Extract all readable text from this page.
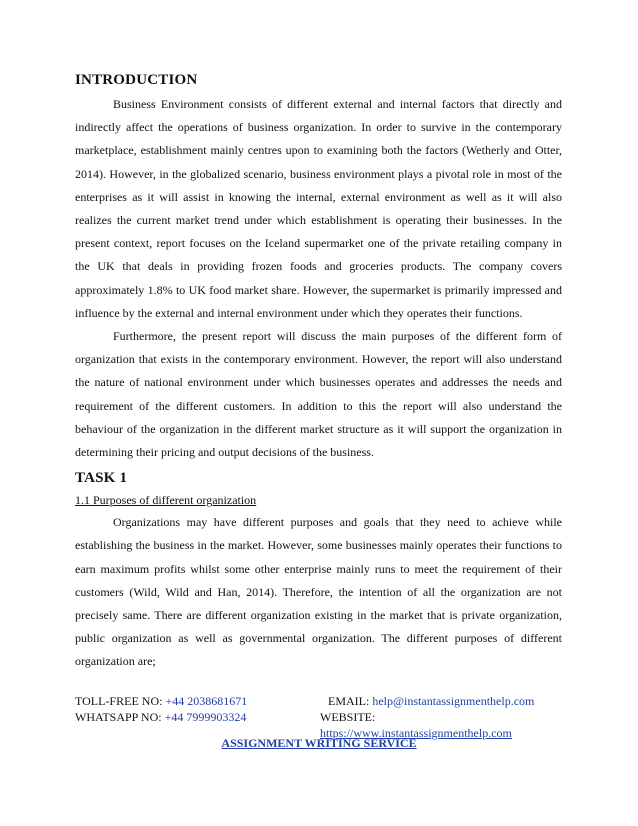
INTRODUCTION

Business Environment consists of different external and internal factors that directly and indirectly affect the operations of business organization. In order to survive in the contemporary marketplace, establishment mainly centres upon to examining both the factors (Wetherly and Otter, 2014). However, in the globalized scenario, business environment plays a pivotal role in most of the enterprises as it will assist in knowing the internal, external environment as well as it will also realizes the current market trend under which establishment is operating their businesses. In the present context, report focuses on the Iceland supermarket one of the private retailing company in the UK that deals in providing frozen foods and groceries products. The company covers approximately 1.8% to UK food market share. However, the supermarket is primarily impressed and influence by the external and internal environment under which they operates their functions.

Furthermore, the present report will discuss the main purposes of the different form of organization that exists in the contemporary environment. However, the report will also understand the nature of national environment under which businesses operates and addresses the needs and requirement of the different customers. In addition to this the report will also understand the behaviour of the organization in the different market structure as it will support the organization in determining their pricing and output decisions of the business.

TASK 1
1.1 Purposes of different organization

Organizations may have different purposes and goals that they need to achieve while establishing the business in the market. However, some businesses mainly operates their functions to earn maximum profits whilst some other enterprise mainly runs to meet the requirement of their customers (Wild, Wild and Han, 2014). Therefore, the intention of all the organization are not precisely same. There are different organization existing in the market that is private organization, public organization as well as governmental organization. The different purposes of different organization are;

TOLL-FREE NO: +44 2038681671	EMAIL: help@instantassignmenthelp.com
WHATSAPP NO: +44 7999903324	WEBSITE: https://www.instantassignmenthelp.com
ASSIGNMENT WRITING SERVICE
